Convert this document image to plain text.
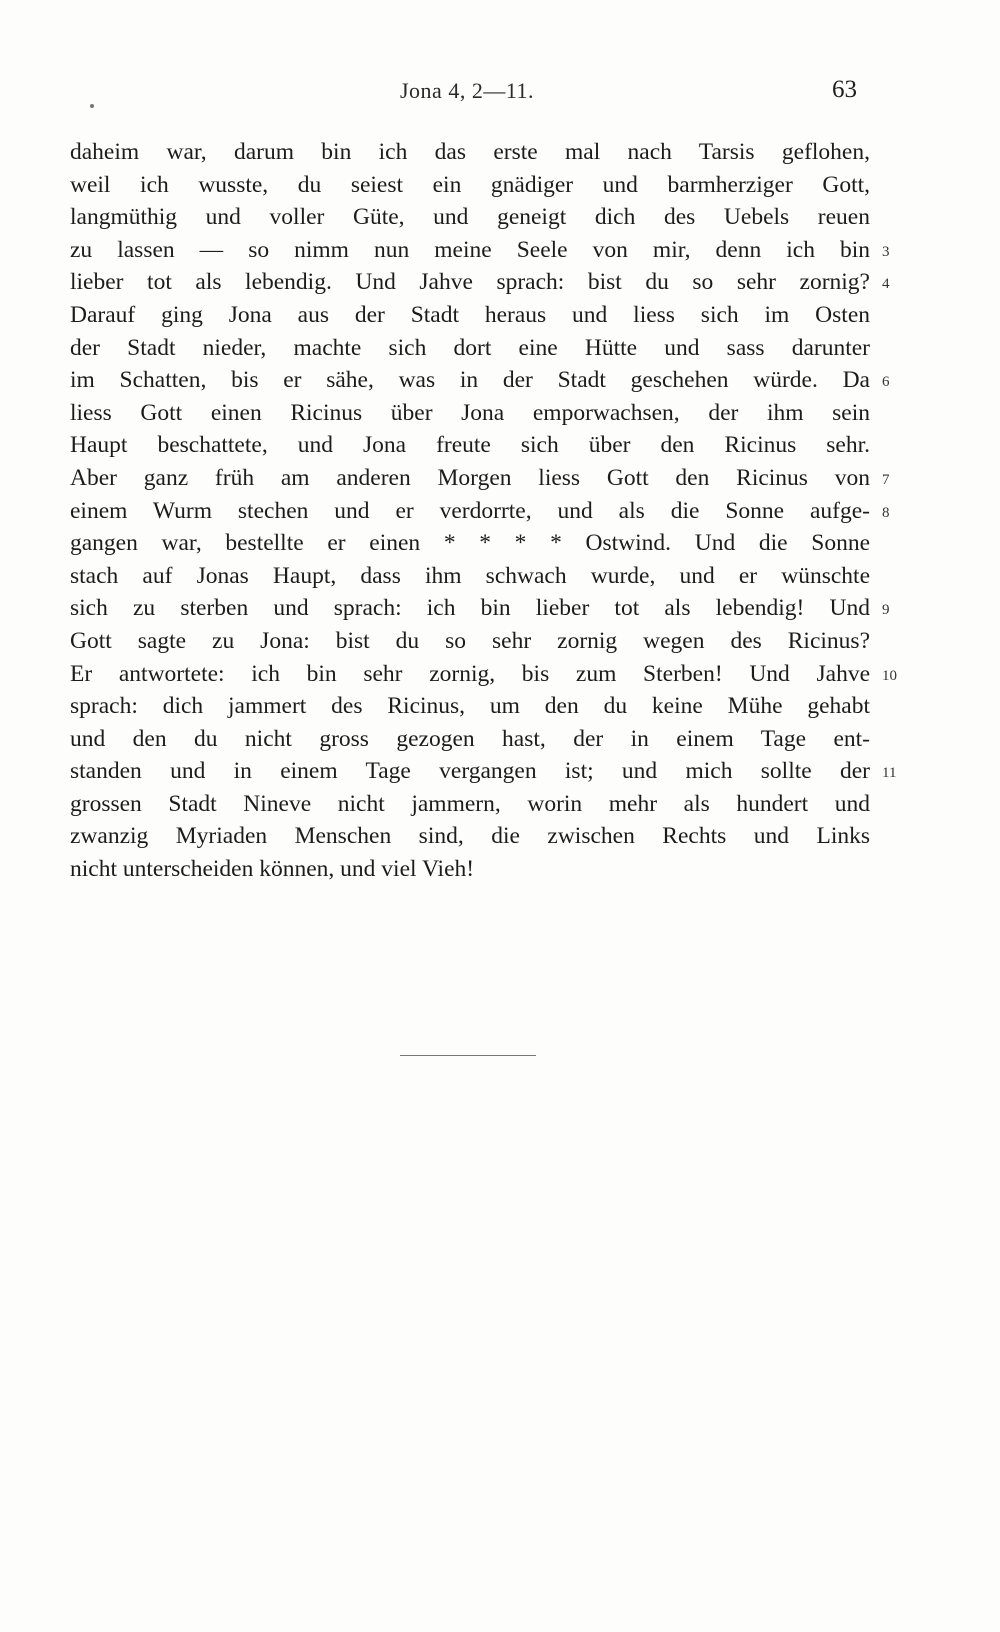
Jona 4, 2—11.	63
daheim war, darum bin ich das erste mal nach Tarsis geflohen,
weil ich wusste, du seiest ein gnädiger und barmherziger Gott,
langmüthig und voller Güte, und geneigt dich des Uebels reuen
zu lassen — so nimm nun meine Seele von mir, denn ich bin 3
lieber tot als lebendig. Und Jahve sprach: bist du so sehr zornig? 4
Darauf ging Jona aus der Stadt heraus und liess sich im Osten
der Stadt nieder, machte sich dort eine Hütte und sass darunter
im Schatten, bis er sähe, was in der Stadt geschehen würde. Da 6
liess Gott einen Ricinus über Jona emporwachsen, der ihm sein
Haupt beschattete, und Jona freute sich über den Ricinus sehr.
Aber ganz früh am anderen Morgen liess Gott den Ricinus von 7
einem Wurm stechen und er verdorrte, und als die Sonne aufge- 8
gangen war, bestellte er einen * * * * Ostwind. Und die Sonne
stach auf Jonas Haupt, dass ihm schwach wurde, und er wünschte
sich zu sterben und sprach: ich bin lieber tot als lebendig! Und 9
Gott sagte zu Jona: bist du so sehr zornig wegen des Ricinus?
Er antwortete: ich bin sehr zornig, bis zum Sterben! Und Jahve 10
sprach: dich jammert des Ricinus, um den du keine Mühe gehabt
und den du nicht gross gezogen hast, der in einem Tage ent-
standen und in einem Tage vergangen ist; und mich sollte der 11
grossen Stadt Nineve nicht jammern, worin mehr als hundert und
zwanzig Myriaden Menschen sind, die zwischen Rechts und Links
nicht unterscheiden können, und viel Vieh!
